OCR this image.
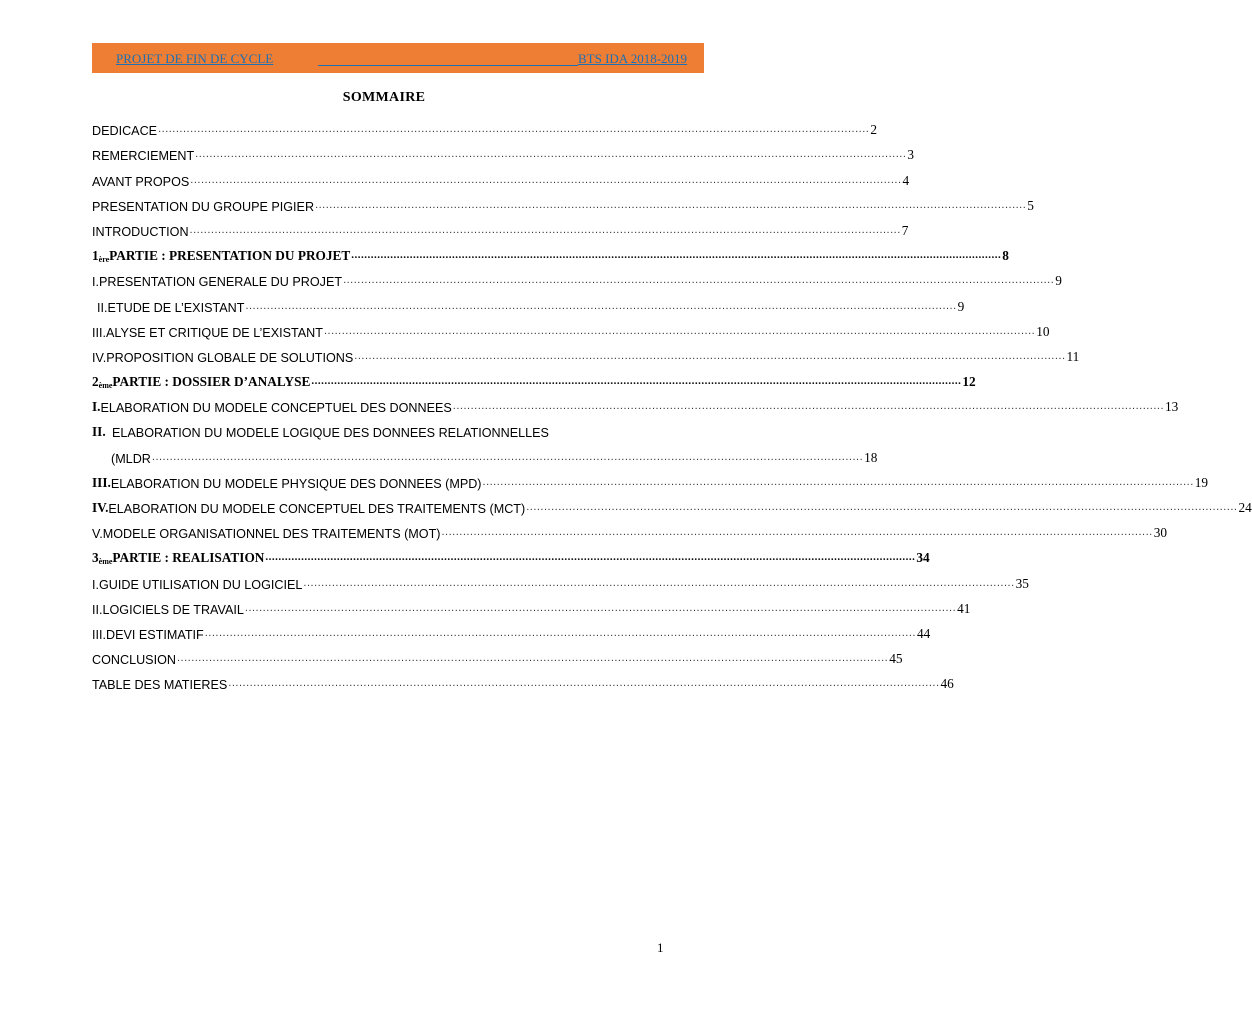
PROJET DE FIN DE CYCLE	BTS IDA 2018-2019
SOMMAIRE
DEDICACE ........................................................................................................................................................................................................ 2
REMERCIEMENT ........................................................................................................................................................................................................ 3
AVANT PROPOS ........................................................................................................................................................................................................ 4
PRESENTATION DU GROUPE PIGIER ........................................................................................................................................................................................................ 5
INTRODUCTION ........................................................................................................................................................................................................ 7
$1_{ère}$ PARTIE : PRESENTATION DU PROJET ........................................................................................................................................................................................................ 8
I. PRESENTATION GENERALE DU PROJET ........................................................................................................................................................................................................ 9
II. ETUDE DE L’EXISTANT ........................................................................................................................................................................................................ 9
III. ALYSE ET CRITIQUE DE L’EXISTANT ........................................................................................................................................................................................................ 10
IV. PROPOSITION GLOBALE DE SOLUTIONS ........................................................................................................................................................................................................ 11
$2_{ème}$ PARTIE : DOSSIER D’ANALYSE ........................................................................................................................................................................................................ 12
I. ELABORATION DU MODELE CONCEPTUEL DES DONNEES ........................................................................................................................................................................................................ 13
II. ELABORATION DU MODELE LOGIQUE DES DONNEES RELATIONNELLES
(MLDR ........................................................................................................................................................................................................ 18
III. ELABORATION DU MODELE PHYSIQUE DES DONNEES (MPD) ........................................................................................................................................................................................................ 19
IV. ELABORATION DU MODELE CONCEPTUEL DES TRAITEMENTS (MCT) ........................................................................................................................................................................................................ 24
V. MODELE ORGANISATIONNEL DES TRAITEMENTS (MOT) ........................................................................................................................................................................................................ 30
$3_{ème}$ PARTIE : REALISATION ........................................................................................................................................................................................................ 34
I. GUIDE UTILISATION DU LOGICIEL ........................................................................................................................................................................................................ 35
II. LOGICIELS DE TRAVAIL ........................................................................................................................................................................................................ 41
III. DEVI ESTIMATIF ........................................................................................................................................................................................................ 44
CONCLUSION ........................................................................................................................................................................................................ 45
TABLE DES MATIERES ........................................................................................................................................................................................................ 46
1
